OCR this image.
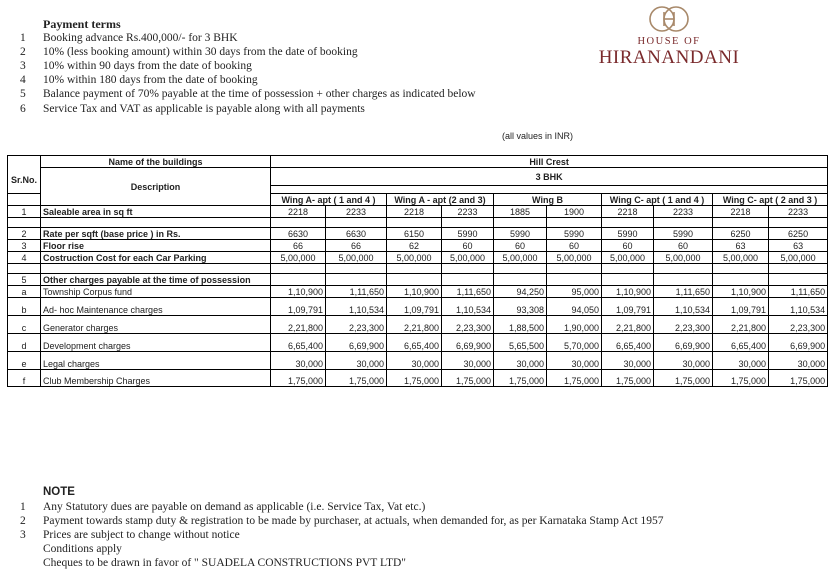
Payment terms
1 Booking advance Rs.400,000/- for 3 BHK
2 10% (less booking amount) within 30 days from the date of booking
3 10% within 90 days from the date of booking
4 10% within 180 days from the date of booking
5 Balance payment of 70% payable at the time of possession + other charges as indicated below
6 Service Tax and VAT as applicable is payable along with all payments
HOUSE OF
HIRANANDANI
(all values in INR)
	Name of the buildings	Hill Crest									
Sr.No.	Description	3 BHK									

		Wing A- apt ( 1 and 4 )		Wing A - apt (2 and 3)		Wing B		Wing C- apt ( 1 and 4 )		Wing C- apt ( 2 and 3 )	
1	Saleable area in sq ft	2218	2233	2218	2233	1885	1900	2218	2233	2218	2233

2	Rate per sqft (base price ) in Rs.	6630	6630	6150	5990	5990	5990	5990	5990	6250	6250
3	Floor rise	66	66	62	60	60	60	60	60	63	63
4	Costruction Cost for each Car Parking	5,00,000	5,00,000	5,00,000	5,00,000	5,00,000	5,00,000	5,00,000	5,00,000	5,00,000	5,00,000

5	Other charges payable at the time of possession										
a	Township Corpus fund	1,10,900	1,11,650	1,10,900	1,11,650	94,250	95,000	1,10,900	1,11,650	1,10,900	1,11,650
b	Ad- hoc Maintenance charges	1,09,791	1,10,534	1,09,791	1,10,534	93,308	94,050	1,09,791	1,10,534	1,09,791	1,10,534
c	Generator charges	2,21,800	2,23,300	2,21,800	2,23,300	1,88,500	1,90,000	2,21,800	2,23,300	2,21,800	2,23,300
d	Development charges	6,65,400	6,69,900	6,65,400	6,69,900	5,65,500	5,70,000	6,65,400	6,69,900	6,65,400	6,69,900
e	Legal charges	30,000	30,000	30,000	30,000	30,000	30,000	30,000	30,000	30,000	30,000
f	Club Membership Charges	1,75,000	1,75,000	1,75,000	1,75,000	1,75,000	1,75,000	1,75,000	1,75,000	1,75,000	1,75,000
NOTE
1 Any Statutory dues are payable on demand as applicable (i.e. Service Tax, Vat etc.)
2 Payment towards stamp duty & registration to be made by purchaser, at actuals, when demanded for, as per Karnataka Stamp Act 1957
3 Prices are subject to change without notice
Conditions apply
Cheques to be drawn in favor of " SUADELA CONSTRUCTIONS PVT LTD"
